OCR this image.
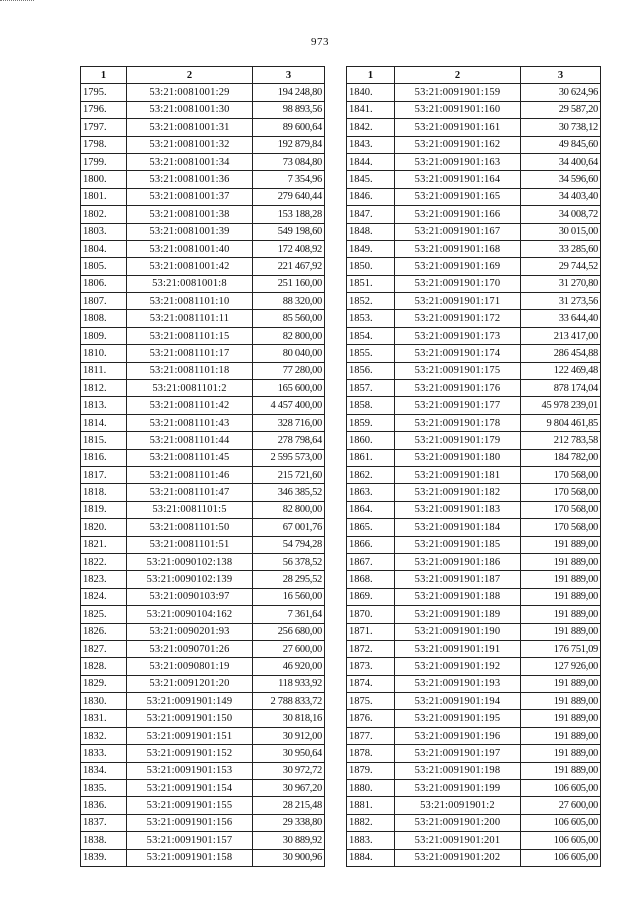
973
1	2	3
1795.	53:21:0081001:29	194 248,80
1796.	53:21:0081001:30	98 893,56
1797.	53:21:0081001:31	89 600,64
1798.	53:21:0081001:32	192 879,84
1799.	53:21:0081001:34	73 084,80
1800.	53:21:0081001:36	7 354,96
1801.	53:21:0081001:37	279 640,44
1802.	53:21:0081001:38	153 188,28
1803.	53:21:0081001:39	549 198,60
1804.	53:21:0081001:40	172 408,92
1805.	53:21:0081001:42	221 467,92
1806.	53:21:0081001:8	251 160,00
1807.	53:21:0081101:10	88 320,00
1808.	53:21:0081101:11	85 560,00
1809.	53:21:0081101:15	82 800,00
1810.	53:21:0081101:17	80 040,00
1811.	53:21:0081101:18	77 280,00
1812.	53:21:0081101:2	165 600,00
1813.	53:21:0081101:42	4 457 400,00
1814.	53:21:0081101:43	328 716,00
1815.	53:21:0081101:44	278 798,64
1816.	53:21:0081101:45	2 595 573,00
1817.	53:21:0081101:46	215 721,60
1818.	53:21:0081101:47	346 385,52
1819.	53:21:0081101:5	82 800,00
1820.	53:21:0081101:50	67 001,76
1821.	53:21:0081101:51	54 794,28
1822.	53:21:0090102:138	56 378,52
1823.	53:21:0090102:139	28 295,52
1824.	53:21:0090103:97	16 560,00
1825.	53:21:0090104:162	7 361,64
1826.	53:21:0090201:93	256 680,00
1827.	53:21:0090701:26	27 600,00
1828.	53:21:0090801:19	46 920,00
1829.	53:21:0091201:20	118 933,92
1830.	53:21:0091901:149	2 788 833,72
1831.	53:21:0091901:150	30 818,16
1832.	53:21:0091901:151	30 912,00
1833.	53:21:0091901:152	30 950,64
1834.	53:21:0091901:153	30 972,72
1835.	53:21:0091901:154	30 967,20
1836.	53:21:0091901:155	28 215,48
1837.	53:21:0091901:156	29 338,80
1838.	53:21:0091901:157	30 889,92
1839.	53:21:0091901:158	30 900,96
1	2	3
1840.	53:21:0091901:159	30 624,96
1841.	53:21:0091901:160	29 587,20
1842.	53:21:0091901:161	30 738,12
1843.	53:21:0091901:162	49 845,60
1844.	53:21:0091901:163	34 400,64
1845.	53:21:0091901:164	34 596,60
1846.	53:21:0091901:165	34 403,40
1847.	53:21:0091901:166	34 008,72
1848.	53:21:0091901:167	30 015,00
1849.	53:21:0091901:168	33 285,60
1850.	53:21:0091901:169	29 744,52
1851.	53:21:0091901:170	31 270,80
1852.	53:21:0091901:171	31 273,56
1853.	53:21:0091901:172	33 644,40
1854.	53:21:0091901:173	213 417,00
1855.	53:21:0091901:174	286 454,88
1856.	53:21:0091901:175	122 469,48
1857.	53:21:0091901:176	878 174,04
1858.	53:21:0091901:177	45 978 239,01
1859.	53:21:0091901:178	9 804 461,85
1860.	53:21:0091901:179	212 783,58
1861.	53:21:0091901:180	184 782,00
1862.	53:21:0091901:181	170 568,00
1863.	53:21:0091901:182	170 568,00
1864.	53:21:0091901:183	170 568,00
1865.	53:21:0091901:184	170 568,00
1866.	53:21:0091901:185	191 889,00
1867.	53:21:0091901:186	191 889,00
1868.	53:21:0091901:187	191 889,00
1869.	53:21:0091901:188	191 889,00
1870.	53:21:0091901:189	191 889,00
1871.	53:21:0091901:190	191 889,00
1872.	53:21:0091901:191	176 751,09
1873.	53:21:0091901:192	127 926,00
1874.	53:21:0091901:193	191 889,00
1875.	53:21:0091901:194	191 889,00
1876.	53:21:0091901:195	191 889,00
1877.	53:21:0091901:196	191 889,00
1878.	53:21:0091901:197	191 889,00
1879.	53:21:0091901:198	191 889,00
1880.	53:21:0091901:199	106 605,00
1881.	53:21:0091901:2	27 600,00
1882.	53:21:0091901:200	106 605,00
1883.	53:21:0091901:201	106 605,00
1884.	53:21:0091901:202	106 605,00
